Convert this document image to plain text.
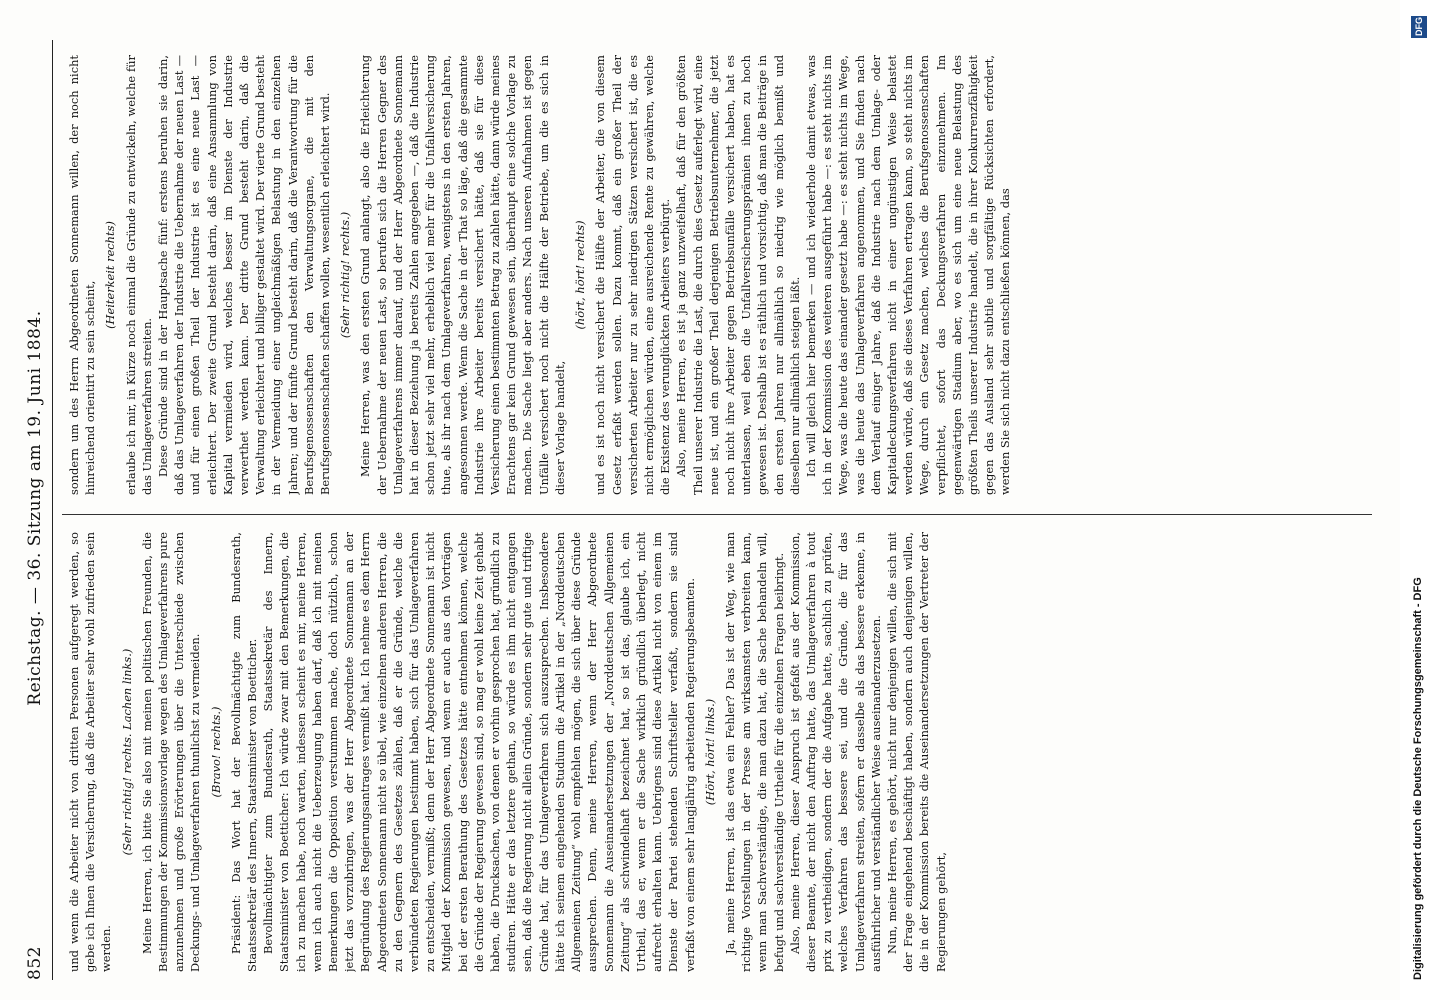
852
Reichstag. — 36. Sitzung am 19. Juni 1884.

und wenn die Arbeiter nicht von dritten Personen aufgeregt werden, so gebe ich Ihnen die Versicherung, daß die Arbeiter sehr wohl zufrieden sein werden.

(Sehr richtig! rechts. Lachen links.) Meine Herren, ich bitte Sie also mit meinen politischen Freunden, die Bestimmungen der Kommissionsvorlage wegen des Umlageverfahrens pure anzunehmen und große Erörterungen über die Unterschiede zwischen Deckungs- und Umlageverfahren thunlichst zu vermeiden. (Bravo! rechts.) Präsident: Das Wort hat der Bevollmächtigte zum Bundesrath, Staatssekretär des Innern, Staatsminister von Boetticher. Bevollmächtigter zum Bundesrath, Staatssekretär des Innern, Staatsminister von Boetticher: Ich würde zwar mit den Bemerkungen, die ich zu machen habe, noch warten, indessen scheint es mir, meine Herren, wenn ich auch nicht die Ueberzeugung haben darf, daß ich mit meinen Bemerkungen die Opposition verstummen mache, doch nützlich, schon jetzt das vorzubringen, was der Herr Abgeordnete Sonnemann an der Begründung des Regierungsantrages vermißt hat. Ich nehme es dem Herrn Abgeordneten Sonnemann nicht so übel, wie einzelnen anderen Herren, die zu den Gegnern des Gesetzes zählen, daß er die Gründe, welche die verbündeten Regierungen bestimmt haben, sich für das Umlageverfahren zu entscheiden, vermißt; denn der Herr Abgeordnete Sonnemann ist nicht Mitglied der Kommission gewesen, und wenn er auch aus den Vorträgen bei der ersten Berathung des Gesetzes hätte entnehmen können, welche die Gründe der Regierung gewesen sind, so mag er wohl keine Zeit gehabt haben, die Drucksachen, von denen er vorhin gesprochen hat, gründlich zu studiren. Hätte er das letztere gethan, so würde es ihm nicht entgangen sein, daß die Regierung nicht allein Gründe, sondern sehr gute und triftige Gründe hat, für das Umlageverfahren sich auszusprechen. Insbesondere hätte ich seinem eingehenden Studium die Artikel in der „Norddeutschen Allgemeinen Zeitung“ wohl empfehlen mögen, die sich über diese Gründe aussprechen. Denn, meine Herren, wenn der Herr Abgeordnete Sonnemann die Auseinandersetzungen der „Norddeutschen Allgemeinen Zeitung“ als schwindelhaft bezeichnet hat, so ist das, glaube ich, ein Urtheil, das er, wenn er die Sache wirklich gründlich überlegt, nicht aufrecht erhalten kann. Uebrigens sind diese Artikel nicht von einem im Dienste der Partei stehenden Schriftsteller verfaßt, sondern sie sind verfaßt von einem sehr langjährig arbeitenden Regierungsbeamten. (Hört, hört! links.) Ja, meine Herren, ist das etwa ein Fehler? Das ist der Weg, wie man richtige Vorstellungen in der Presse am wirksamsten verbreiten kann, wenn man Sachverständige, die man dazu hat, die Sache behandeln will, befugt und sachverständige Urtheile für die einzelnen Fragen beibringt. Also, meine Herren, dieser Anspruch ist gefaßt aus der Kommission, dieser Beamte, der nicht den Auftrag hatte, das Umlageverfahren à tout prix zu vertheidigen, sondern der die Aufgabe hatte, sachlich zu prüfen, welches Verfahren das bessere sei, und die Gründe, die für das Umlageverfahren streiten, sofern er dasselbe als das bessere erkenne, in ausführlicher und verständlicher Weise auseinanderzusetzen. Nun, meine Herren, es gehört, nicht nur denjenigen willen, die sich mit der Frage eingehend beschäftigt haben, sondern auch denjenigen willen, die in der Kommission bereits die Auseinandersetzungen der Vertreter der Regierungen gehört,

sondern um des Herrn Abgeordneten Sonnemann willen, der noch nicht hinreichend orientirt zu sein scheint,

(Heiterkeit rechts) erlaube ich mir, in Kürze noch einmal die Gründe zu entwickeln, welche für das Umlageverfahren streiten. Diese Gründe sind in der Hauptsache fünf: erstens beruhen sie darin, daß das Umlageverfahren der Industrie die Uebernahme der neuen Last — und für einen großen Theil der Industrie ist es eine neue Last — erleichtert. Der zweite Grund besteht darin, daß eine Ansammlung von Kapital vermieden wird, welches besser im Dienste der Industrie verwerthet werden kann. Der dritte Grund besteht darin, daß die Verwaltung erleichtert und billiger gestaltet wird. Der vierte Grund besteht in der Vermeidung einer ungleichmäßigen Belastung in den einzelnen Jahren; und der fünfte Grund besteht darin, daß die Verantwortung für die Berufsgenossenschaften den Verwaltungsorgane, die mit den Berufsgenossenschaften schaffen wollen, wesentlich erleichtert wird. (Sehr richtig! rechts.) Meine Herren, was den ersten Grund anlangt, also die Erleichterung der Uebernahme der neuen Last, so berufen sich die Herren Gegner des Umlageverfahrens immer darauf, und der Herr Abgeordnete Sonnemann hat in dieser Beziehung ja bereits Zahlen angegeben —, daß die Industrie schon jetzt sehr viel mehr, erheblich viel mehr für die Unfallversicherung thue, als ihr nach dem Umlageverfahren, wenigstens in den ersten Jahren, angesonnen werde. Wenn die Sache in der That so läge, daß die gesammte Industrie ihre Arbeiter bereits versichert hätte, daß sie für diese Versicherung einen bestimmten Betrag zu zahlen hätte, dann würde meines Erachtens gar kein Grund gewesen sein, überhaupt eine solche Vorlage zu machen. Die Sache liegt aber anders. Nach unseren Aufnahmen ist gegen Unfälle versichert noch nicht die Hälfte der Betriebe, um die es sich in dieser Vorlage handelt,

(hört, hört! rechts) und es ist noch nicht versichert die Hälfte der Arbeiter, die von diesem Gesetz erfaßt werden sollen. Dazu kommt, daß ein großer Theil der versicherten Arbeiter nur zu sehr niedrigen Sätzen versichert ist, die es nicht ermöglichen würden, eine ausreichende Rente zu gewähren, welche die Existenz des verunglückten Arbeiters verbürgt. Also, meine Herren, es ist ja ganz unzweifelhaft, daß für den größten Theil unserer Industrie die Last, die durch dies Gesetz auferlegt wird, eine neue ist, und ein großer Theil derjenigen Betriebsunternehmer, die jetzt noch nicht ihre Arbeiter gegen Betriebsunfälle versichert haben, hat es unterlassen, weil eben die Unfallversicherungsprämien ihnen zu hoch gewesen ist. Deshalb ist es räthlich und vorsichtig, daß man die Beiträge in den ersten Jahren nur allmählich so niedrig wie möglich bemißt und dieselben nur allmählich steigen läßt. Ich will gleich hier bemerken — und ich wiederhole damit etwas, was ich in der Kommission des weiteren ausgeführt habe —: es steht nichts im Wege, was die heute das einander gesetzt habe —: es steht nichts im Wege, was die heute das Umlageverfahren angenommen, und Sie finden nach dem Verlauf einiger Jahre, daß die Industrie nach dem Umlage- oder Kapitaldeckungsverfahren nicht in einer ungünstigen Weise belastet werden würde, daß sie dieses Verfahren ertragen kann, so steht nichts im Wege, durch ein Gesetz machen, welches die Berufsgenossenschaften verpflichtet, sofort das Deckungsverfahren einzunehmen. Im gegenwärtigen Stadium aber, wo es sich um eine neue Belastung des größten Theils unserer Industrie handelt, die in ihrer Konkurrenzfähigkeit gegen das Ausland sehr subtile und sorgfältige Rücksichten erfordert, werden Sie sich nicht dazu entschließen können, das

DFG
Digitalisierung gefördert durch die Deutsche Forschungsgemeinschaft - DFG
